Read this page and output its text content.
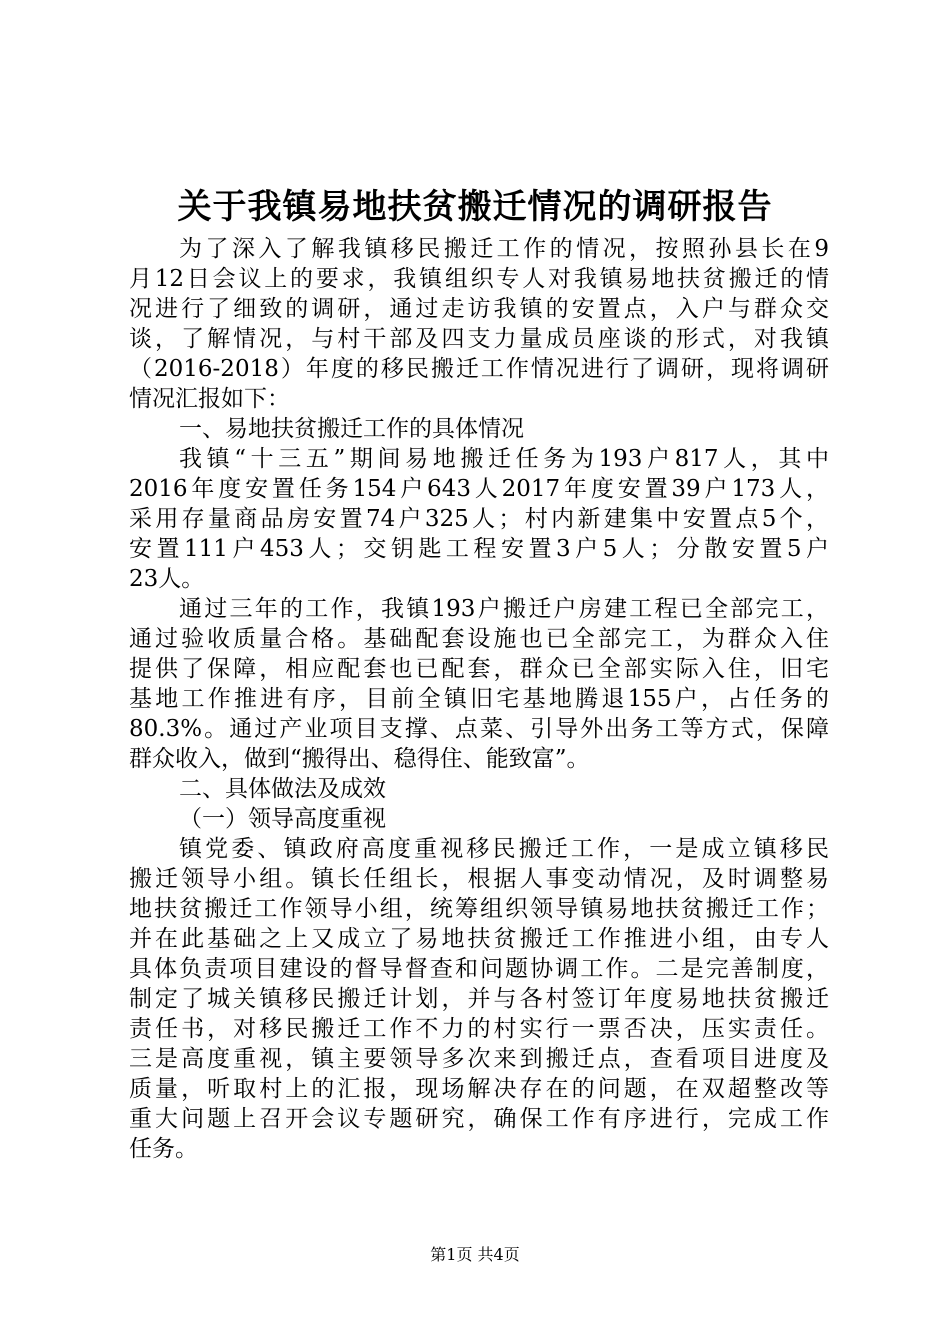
关于我镇易地扶贫搬迁情况的调研报告
为了深入了解我镇移民搬迁工作的情况，按照孙县长在9
月12日会议上的要求，我镇组织专人对我镇易地扶贫搬迁的情
况进行了细致的调研，通过走访我镇的安置点，入户与群众交
谈，了解情况，与村干部及四支力量成员座谈的形式，对我镇
（2016-2018）年度的移民搬迁工作情况进行了调研，现将调研
情况汇报如下：
一、易地扶贫搬迁工作的具体情况
我镇“十三五”期间易地搬迁任务为193户817人，其中
2016年度安置任务154户643人2017年度安置39户173人，
采用存量商品房安置74户325人；村内新建集中安置点5个，
安置111户453人；交钥匙工程安置3户5人；分散安置5户
23人。
通过三年的工作，我镇193户搬迁户房建工程已全部完工，
通过验收质量合格。基础配套设施也已全部完工，为群众入住
提供了保障，相应配套也已配套，群众已全部实际入住，旧宅
基地工作推进有序，目前全镇旧宅基地腾退155户，占任务的
80.3%。通过产业项目支撑、点菜、引导外出务工等方式，保障
群众收入，做到“搬得出、稳得住、能致富”。
二、具体做法及成效
（一）领导高度重视
镇党委、镇政府高度重视移民搬迁工作，一是成立镇移民
搬迁领导小组。镇长任组长，根据人事变动情况，及时调整易
地扶贫搬迁工作领导小组，统筹组织领导镇易地扶贫搬迁工作；
并在此基础之上又成立了易地扶贫搬迁工作推进小组，由专人
具体负责项目建设的督导督查和问题协调工作。二是完善制度，
制定了城关镇移民搬迁计划，并与各村签订年度易地扶贫搬迁
责任书，对移民搬迁工作不力的村实行一票否决，压实责任。
三是高度重视，镇主要领导多次来到搬迁点，查看项目进度及
质量，听取村上的汇报，现场解决存在的问题，在双超整改等
重大问题上召开会议专题研究，确保工作有序进行，完成工作
任务。
第1页 共4页
